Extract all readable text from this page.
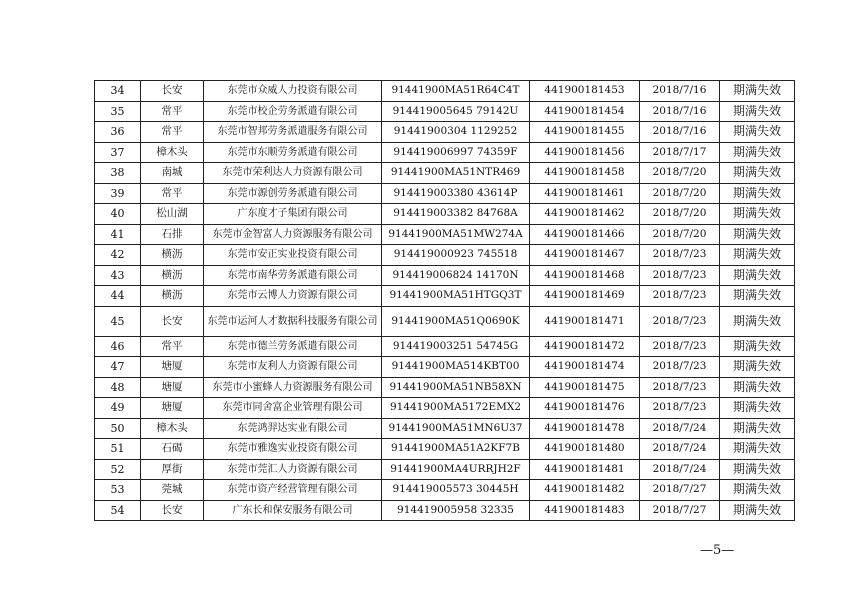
34	长安	东莞市众威人力投资有限公司	91441900MA51R64C4T	441900181453	2018/7/16	期满失效
35	常平	东莞市校企劳务派遣有限公司	914419005645 79142U	441900181454	2018/7/16	期满失效
36	常平	东莞市智邦劳务派遣服务有限公司	91441900304 1129252	441900181455	2018/7/16	期满失效
37	樟木头	东莞市东顺劳务派遣有限公司	914419006997 74359F	441900181456	2018/7/17	期满失效
38	南城	东莞市荣利达人力资源有限公司	91441900MA51NTR469	441900181458	2018/7/20	期满失效
39	常平	东莞市源创劳务派遣有限公司	914419003380 43614P	441900181461	2018/7/20	期满失效
40	松山湖	广东度才子集团有限公司	914419003382 84768A	441900181462	2018/7/20	期满失效
41	石排	东莞市金智富人力资源服务有限公司	91441900MA51MW274A	441900181466	2018/7/20	期满失效
42	横沥	东莞市安正实业投资有限公司	914419000923 745518	441900181467	2018/7/23	期满失效
43	横沥	东莞市南华劳务派遣有限公司	914419006824 14170N	441900181468	2018/7/23	期满失效
44	横沥	东莞市云博人力资源有限公司	91441900MA51HTGQ3T	441900181469	2018/7/23	期满失效
45	长安	东莞市运河人才数据科技服务有限公司	91441900MA51Q0690K	441900181471	2018/7/23	期满失效
46	常平	东莞市德兰劳务派遣有限公司	914419003251 54745G	441900181472	2018/7/23	期满失效
47	塘厦	东莞市友利人力资源有限公司	91441900MA514KBT00	441900181474	2018/7/23	期满失效
48	塘厦	东莞市小蜜蜂人力资源服务有限公司	91441900MA51NB58XN	441900181475	2018/7/23	期满失效
49	塘厦	东莞市同舍富企业管理有限公司	91441900MA5172EMX2	441900181476	2018/7/23	期满失效
50	樟木头	东莞鸿羿达实业有限公司	91441900MA51MN6U37	441900181478	2018/7/24	期满失效
51	石碣	东莞市雅逸实业投资有限公司	91441900MA51A2KF7B	441900181480	2018/7/24	期满失效
52	厚街	东莞市莞汇人力资源有限公司	91441900MA4URRJH2F	441900181481	2018/7/24	期满失效
53	莞城	东莞市资产经营管理有限公司	914419005573 30445H	441900181482	2018/7/27	期满失效
54	长安	广东长和保安服务有限公司	914419005958 32335	441900181483	2018/7/27	期满失效
—5—
